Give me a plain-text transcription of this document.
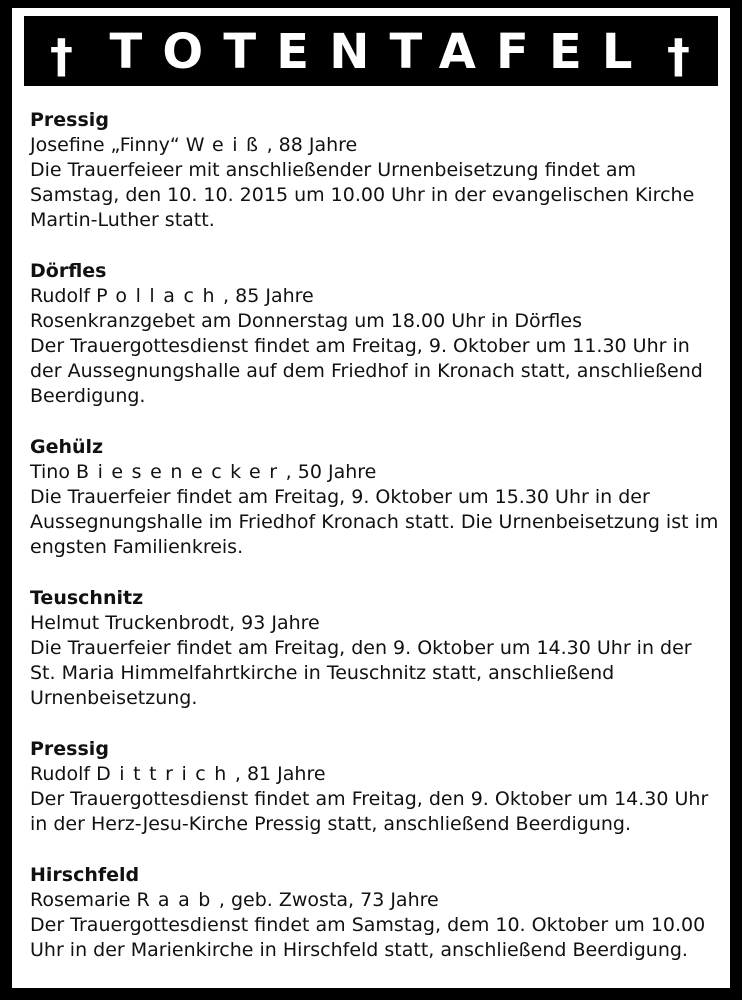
† TOTENTAFEL †
Pressig
Josefine „Finny“ Weiß, 88 Jahre
Die Trauerfeieer mit anschließender Urnenbeisetzung findet am
Samstag, den 10. 10. 2015 um 10.00 Uhr in der evangelischen Kirche
Martin-Luther statt.
Dörfles
Rudolf Pollach, 85 Jahre
Rosenkranzgebet am Donnerstag um 18.00 Uhr in Dörfles
Der Trauergottesdienst findet am Freitag, 9. Oktober um 11.30 Uhr in
der Aussegnungshalle auf dem Friedhof in Kronach statt, anschließend
Beerdigung.
Gehülz
Tino Biesenecker, 50 Jahre
Die Trauerfeier findet am Freitag, 9. Oktober um 15.30 Uhr in der
Aussegnungshalle im Friedhof Kronach statt. Die Urnenbeisetzung ist im
engsten Familienkreis.
Teuschnitz
Helmut Truckenbrodt, 93 Jahre
Die Trauerfeier findet am Freitag, den 9. Oktober um 14.30 Uhr in der
St. Maria Himmelfahrtkirche in Teuschnitz statt, anschließend
Urnenbeisetzung.
Pressig
Rudolf Dittrich, 81 Jahre
Der Trauergottesdienst findet am Freitag, den 9. Oktober um 14.30 Uhr
in der Herz-Jesu-Kirche Pressig statt, anschließend Beerdigung.
Hirschfeld
Rosemarie Raab, geb. Zwosta, 73 Jahre
Der Trauergottesdienst findet am Samstag, dem 10. Oktober um 10.00
Uhr in der Marienkirche in Hirschfeld statt, anschließend Beerdigung.
